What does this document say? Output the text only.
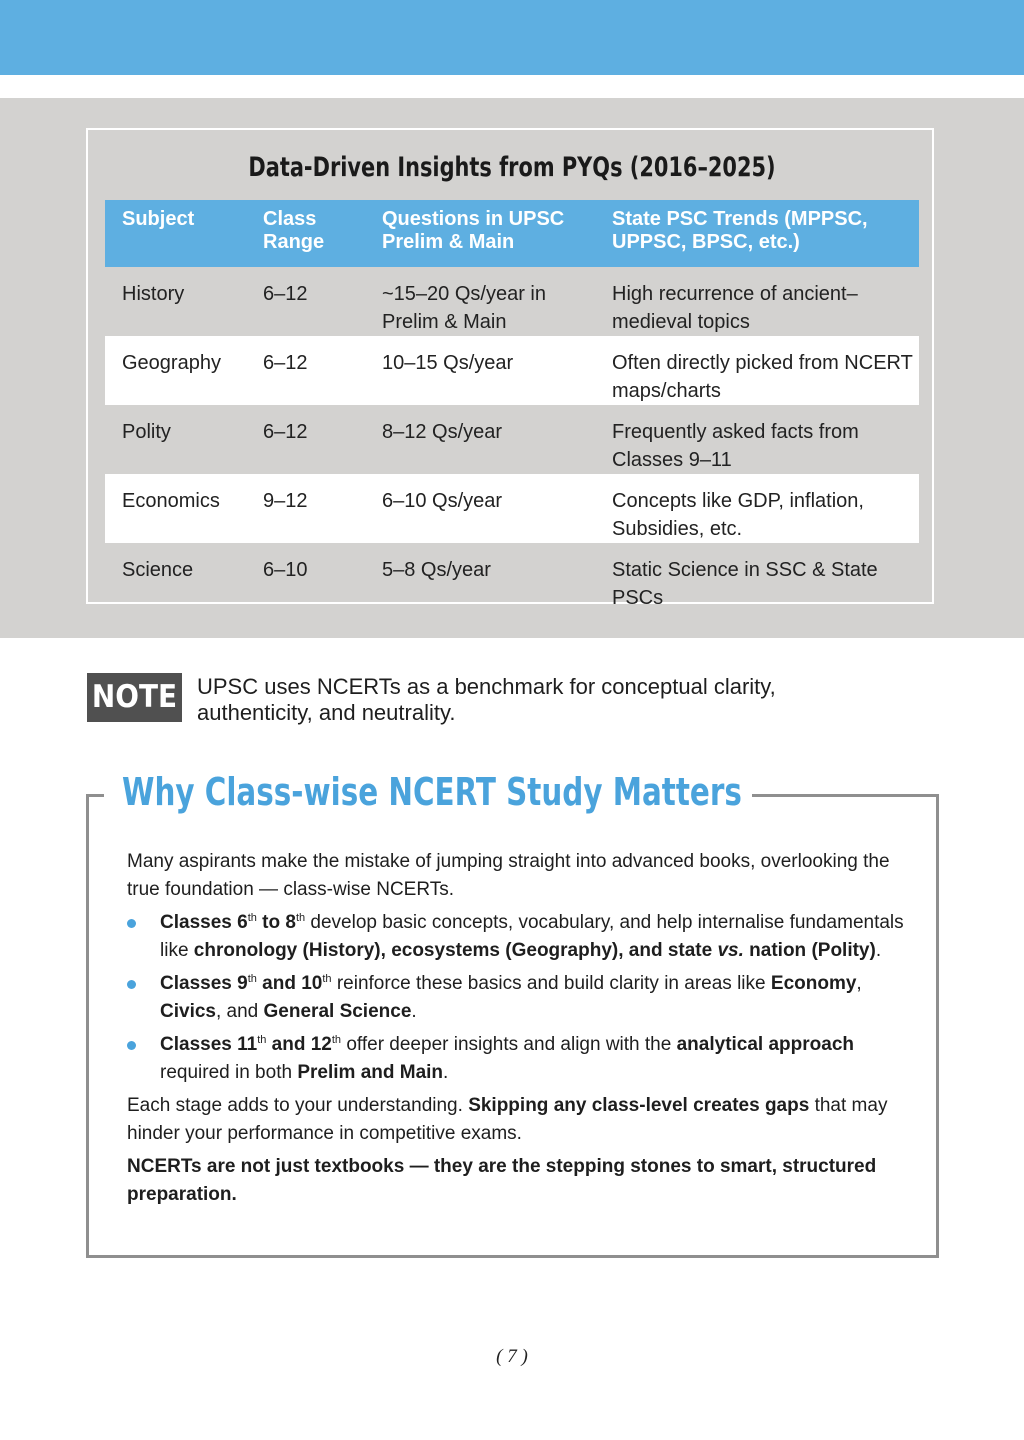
Data-Driven Insights from PYQs (2016–2025)
Subject	Class Range	Questions in UPSC Prelim & Main	State PSC Trends (MPPSC, UPPSC, BPSC, etc.)
History	6–12	~15–20 Qs/year in Prelim & Main	High recurrence of ancient–medieval topics
Geography	6–12	10–15 Qs/year	Often directly picked from NCERT maps/charts
Polity	6–12	8–12 Qs/year	Frequently asked facts from Classes 9–11
Economics	9–12	6–10 Qs/year	Concepts like GDP, inflation, Subsidies, etc.
Science	6–10	5–8 Qs/year	Static Science in SSC & State PSCs
NOTE UPSC uses NCERTs as a benchmark for conceptual clarity, authenticity, and neutrality.
Why Class-wise NCERT Study Matters

Many aspirants make the mistake of jumping straight into advanced books, overlooking the true foundation — class-wise NCERTs.

Classes 6th to 8th develop basic concepts, vocabulary, and help internalise fundamentals like chronology (History), ecosystems (Geography), and state vs. nation (Polity).
Classes 9th and 10th reinforce these basics and build clarity in areas like Economy, Civics, and General Science.
Classes 11th and 12th offer deeper insights and align with the analytical approach required in both Prelim and Main.

Each stage adds to your understanding. Skipping any class-level creates gaps that may hinder your performance in competitive exams.

NCERTs are not just textbooks — they are the stepping stones to smart, structured preparation.

( 7 )
